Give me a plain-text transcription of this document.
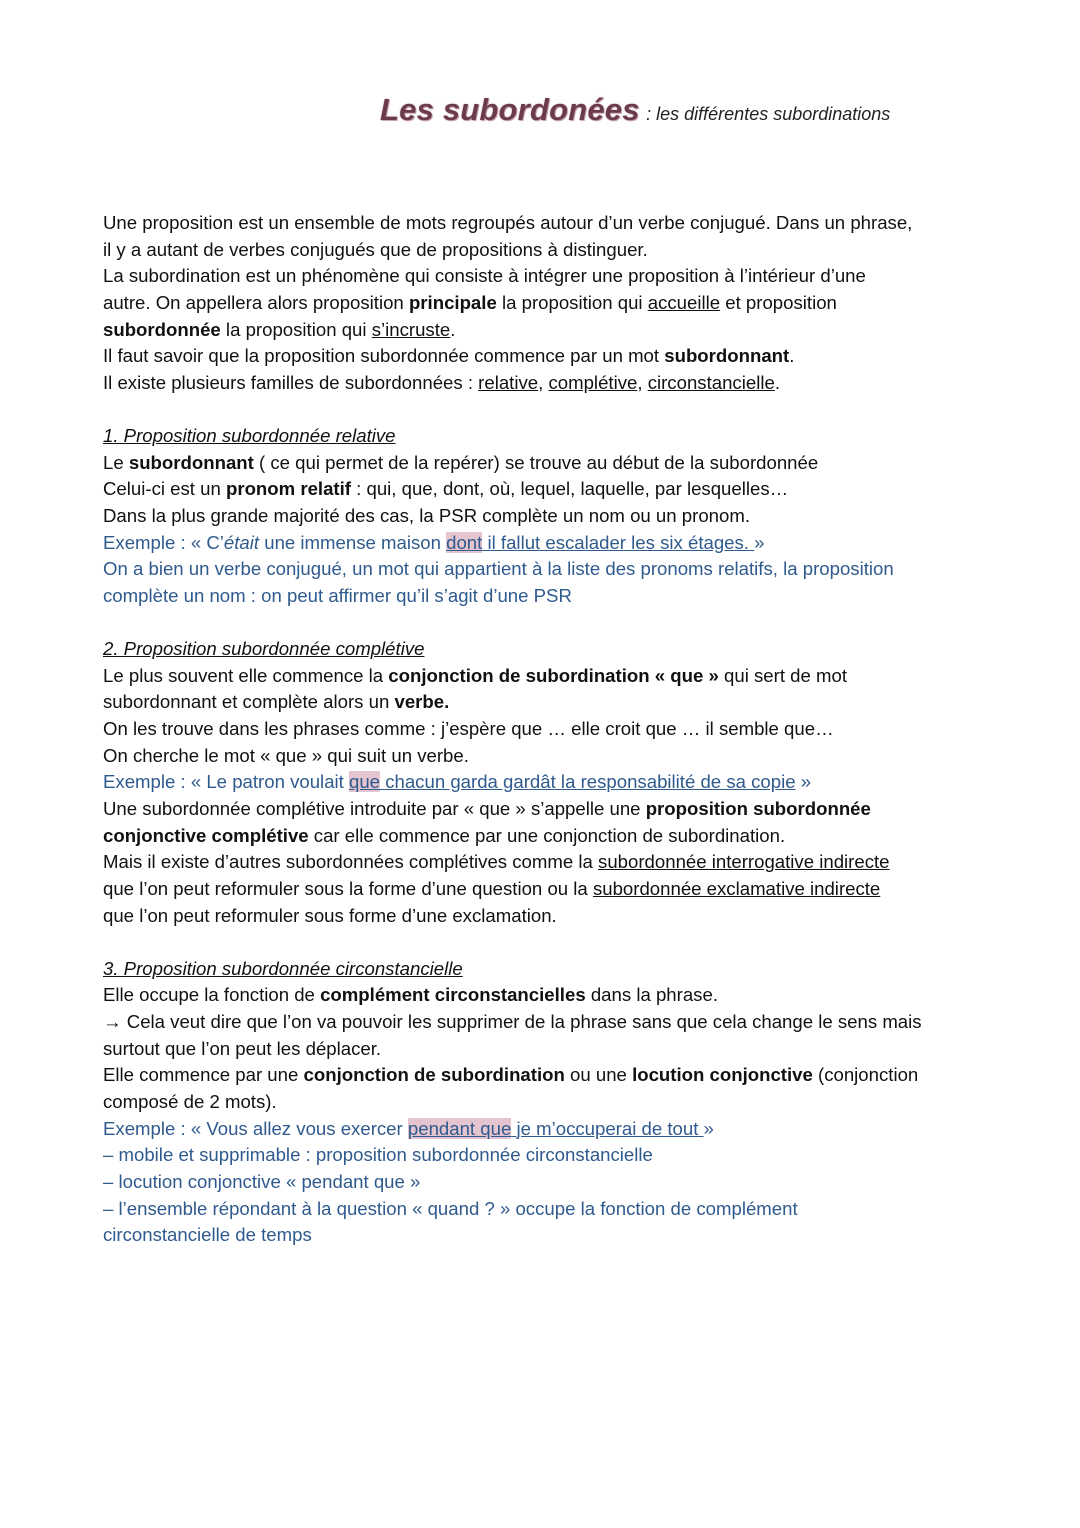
Les subordonées : les différentes subordinations
Une proposition est un ensemble de mots regroupés autour d’un verbe conjugué. Dans un phrase,
il y a autant de verbes conjugués que de propositions à distinguer.
La subordination est un phénomène qui consiste à intégrer une proposition à l’intérieur d’une
autre. On appellera alors proposition principale la proposition qui accueille et proposition
subordonnée la proposition qui s’incruste.
Il faut savoir que la proposition subordonnée commence par un mot subordonnant.
Il existe plusieurs familles de subordonnées : relative, complétive, circonstancielle.
1. Proposition subordonnée relative
Le subordonnant ( ce qui permet de la repérer) se trouve au début de la subordonnée
Celui-ci est un pronom relatif : qui, que, dont, où, lequel, laquelle, par lesquelles…
Dans la plus grande majorité des cas, la PSR complète un nom ou un pronom.
Exemple : « C’était une immense maison dont il fallut escalader les six étages. »
On a bien un verbe conjugué, un mot qui appartient à la liste des pronoms relatifs, la proposition
complète un nom : on peut affirmer qu’il s’agit d’une PSR
2. Proposition subordonnée complétive
Le plus souvent elle commence la conjonction de subordination « que » qui sert de mot
subordonnant et complète alors un verbe.
On les trouve dans les phrases comme : j’espère que … elle croit que … il semble que…
On cherche le mot « que » qui suit un verbe.
Exemple : « Le patron voulait que chacun garda gardât la responsabilité de sa copie »
Une subordonnée complétive introduite par « que » s’appelle une proposition subordonnée
conjonctive complétive car elle commence par une conjonction de subordination.
Mais il existe d’autres subordonnées complétives comme la subordonnée interrogative indirecte
que l’on peut reformuler sous la forme d’une question ou la subordonnée exclamative indirecte
que l’on peut reformuler sous forme d’une exclamation.
3. Proposition subordonnée circonstancielle
Elle occupe la fonction de complément circonstancielles dans la phrase.
→ Cela veut dire que l’on va pouvoir les supprimer de la phrase sans que cela change le sens mais
surtout que l’on peut les déplacer.
Elle commence par une conjonction de subordination ou une locution conjonctive (conjonction
composé de 2 mots).
Exemple : « Vous allez vous exercer pendant que je m’occuperai de tout »
– mobile et supprimable : proposition subordonnée circonstancielle
– locution conjonctive « pendant que »
– l’ensemble répondant à la question « quand ? » occupe la fonction de complément
circonstancielle de temps
